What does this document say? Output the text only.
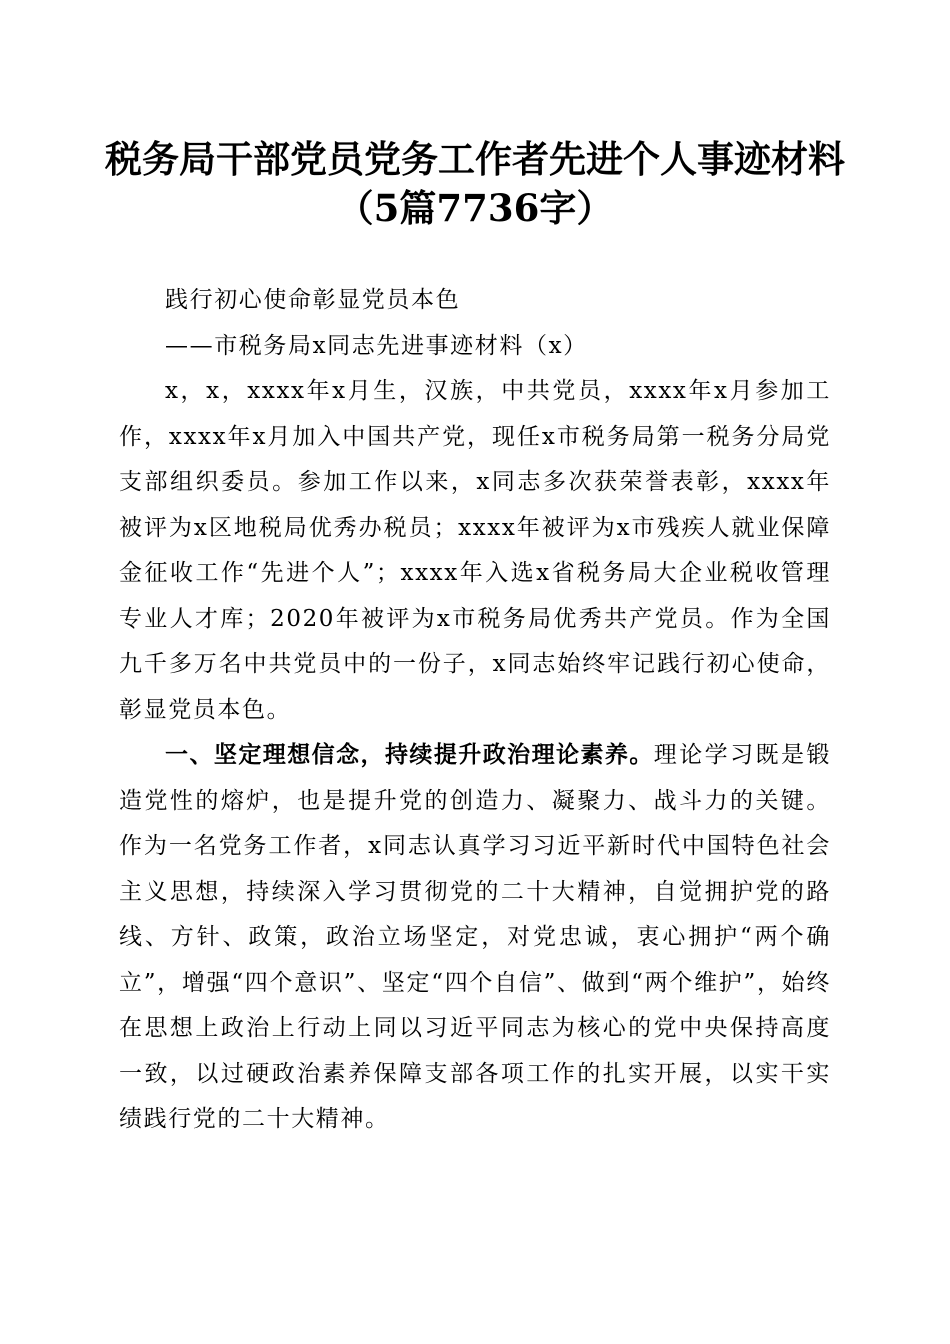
税务局干部党员党务工作者先进个人事迹材料
（5篇7736字）

践行初心使命彰显党员本色

——市税务局x同志先进事迹材料（x）

x，x，xxxx年x月生，汉族，中共党员，xxxx年x月参加工作，xxxx年x月加入中国共产党，现任x市税务局第一税务分局党支部组织委员。参加工作以来，x同志多次获荣誉表彰，xxxx年被评为x区地税局优秀办税员；xxxx年被评为x市残疾人就业保障金征收工作“先进个人”；xxxx年入选x省税务局大企业税收管理专业人才库；2020年被评为x市税务局优秀共产党员。作为全国九千多万名中共党员中的一份子，x同志始终牢记践行初心使命，彰显党员本色。

一、坚定理想信念，持续提升政治理论素养。理论学习既是锻造党性的熔炉，也是提升党的创造力、凝聚力、战斗力的关键。作为一名党务工作者，x同志认真学习习近平新时代中国特色社会主义思想，持续深入学习贯彻党的二十大精神，自觉拥护党的路线、方针、政策，政治立场坚定，对党忠诚，衷心拥护“两个确立”，增强“四个意识”、坚定“四个自信”、做到“两个维护”，始终在思想上政治上行动上同以习近平同志为核心的党中央保持高度一致，以过硬政治素养保障支部各项工作的扎实开展，以实干实绩践行党的二十大精神。
